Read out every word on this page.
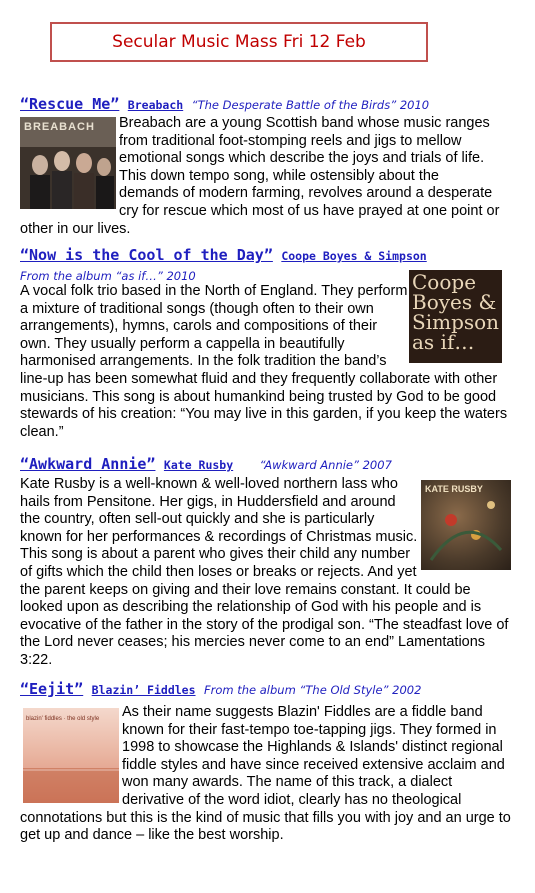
Secular Music Mass Fri 12 Feb
“Rescue Me” Breabach “The Desperate Battle of the Birds” 2010
BREABACH	Breabach are a young Scottish band whose music ranges from traditional foot-stomping reels and jigs to mellow emotional songs which describe the joys and trials of life. This down tempo song, while ostensibly about the demands of modern farming, revolves around a desperate cry for rescue which most of us have prayed at one point or other in our lives.
“Now is the Cool of the Day” Coope Boyes & Simpson
From the album “as if…” 2010	Coope Boyes & Simpson as if…
A vocal folk trio based in the North of England. They perform a mixture of traditional songs (though often to their own arrangements), hymns, carols and compositions of their own. They usually perform a cappella in beautifully harmonised arrangements. In the folk tradition the band’s line-up has been somewhat fluid and they frequently collaborate with other musicians. This song is about humankind being trusted by God to be good stewards of his creation: “You may live in this garden, if you keep the waters clean.”
“Awkward Annie” Kate Rusby “Awkward Annie” 2007
KATE RUSBY
Kate Rusby is a well-known & well-loved northern lass who hails from Pensitone. Her gigs, in Huddersfield and around the country, often sell-out quickly and she is particularly known for her performances & recordings of Christmas music. This song is about a parent who gives their child any number of gifts which the child then loses or breaks or rejects. And yet the parent keeps on giving and their love remains constant. It could be looked upon as describing the relationship of God with his people and is evocative of the father in the story of the prodigal son. “The steadfast love of the Lord never ceases; his mercies never come to an end” Lamentations 3:22.
“Eejit” Blazin’ Fiddles From the album “The Old Style” 2002
blazin' fiddles · the old style	As their name suggests Blazin' Fiddles are a fiddle band known for their fast-tempo toe-tapping jigs. They formed in 1998 to showcase the Highlands & Islands' distinct regional fiddle styles and have since received extensive acclaim and won many awards. The name of this track, a dialect derivative of the word idiot, clearly has no theological connotations but this is the kind of music that fills you with joy and an urge to get up and dance – like the best worship.
